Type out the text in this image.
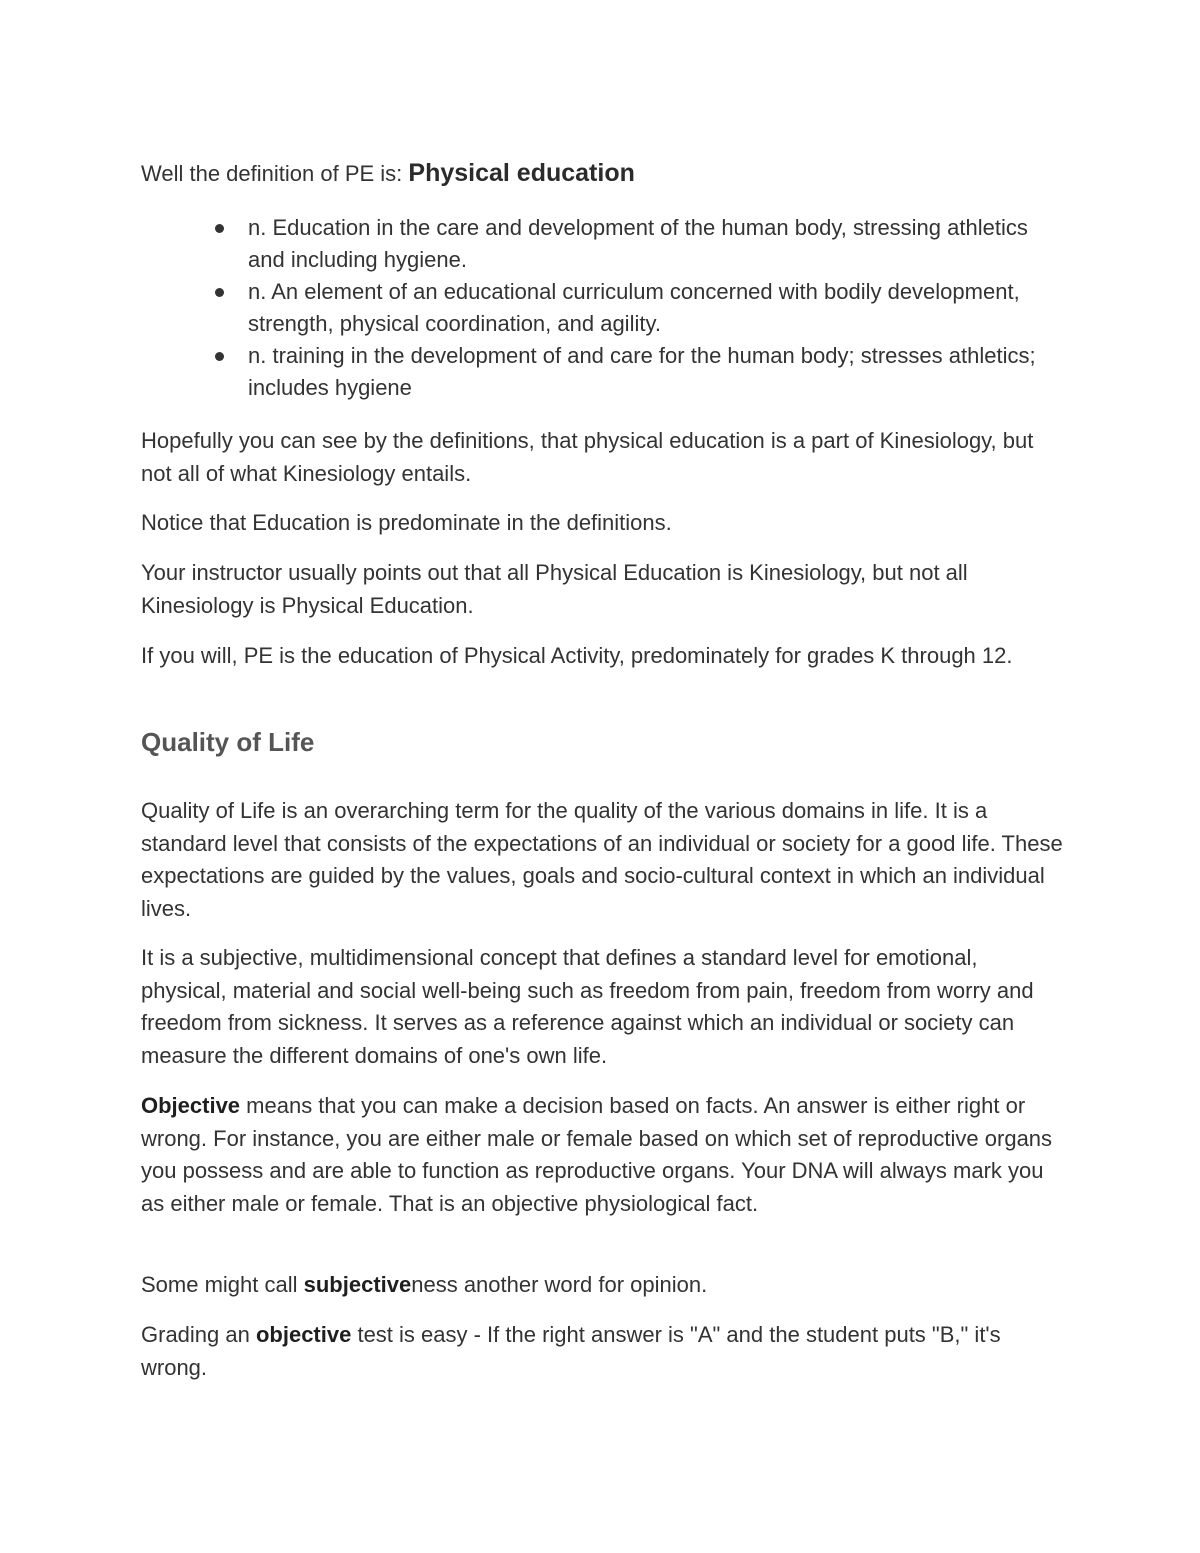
Well the definition of PE is: Physical education
n. Education in the care and development of the human body, stressing athletics and including hygiene.
n. An element of an educational curriculum concerned with bodily development, strength, physical coordination, and agility.
n. training in the development of and care for the human body; stresses athletics; includes hygiene

Hopefully you can see by the definitions, that physical education is a part of Kinesiology, but not all of what Kinesiology entails.

Notice that Education is predominate in the definitions.

Your instructor usually points out that all Physical Education is Kinesiology, but not all Kinesiology is Physical Education.

If you will, PE is the education of Physical Activity, predominately for grades K through 12.

Quality of Life

Quality of Life is an overarching term for the quality of the various domains in life. It is a standard level that consists of the expectations of an individual or society for a good life. These expectations are guided by the values, goals and socio-cultural context in which an individual lives.

It is a subjective, multidimensional concept that defines a standard level for emotional, physical, material and social well-being such as freedom from pain, freedom from worry and freedom from sickness. It serves as a reference against which an individual or society can measure the different domains of one's own life.

Objective means that you can make a decision based on facts. An answer is either right or wrong. For instance, you are either male or female based on which set of reproductive organs you possess and are able to function as reproductive organs. Your DNA will always mark you as either male or female. That is an objective physiological fact.

Some might call subjectiveness another word for opinion.

Grading an objective test is easy - If the right answer is "A" and the student puts "B," it's wrong.
